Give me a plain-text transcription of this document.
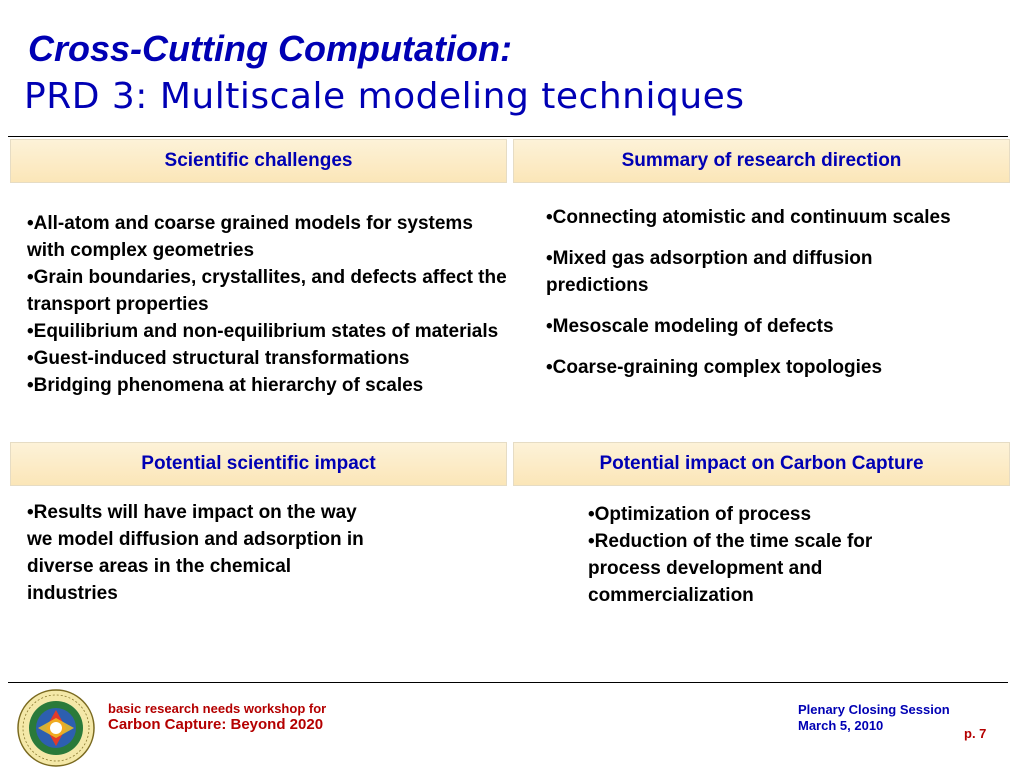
Cross-Cutting Computation:
PRD 3: Multiscale modeling techniques
Scientific challenges	Summary of research direction

•All-atom and coarse grained models for systems with complex geometries

•Grain boundaries, crystallites, and defects affect the transport properties

•Equilibrium and non-equilibrium states of materials

•Guest-induced structural transformations

•Bridging phenomena at hierarchy of scales

•Connecting atomistic and continuum scales

•Mixed gas adsorption and diffusion predictions

•Mesoscale modeling of defects

•Coarse-graining complex topologies

Potential scientific impact	Potential impact on Carbon Capture

•Results will have impact on the way we model diffusion and adsorption in diverse areas in the chemical industries

•Optimization of process

•Reduction of the time scale for process development and commercialization

basic research needs workshop for
Carbon Capture: Beyond 2020
Plenary Closing Session
March 5, 2010
p. 7
